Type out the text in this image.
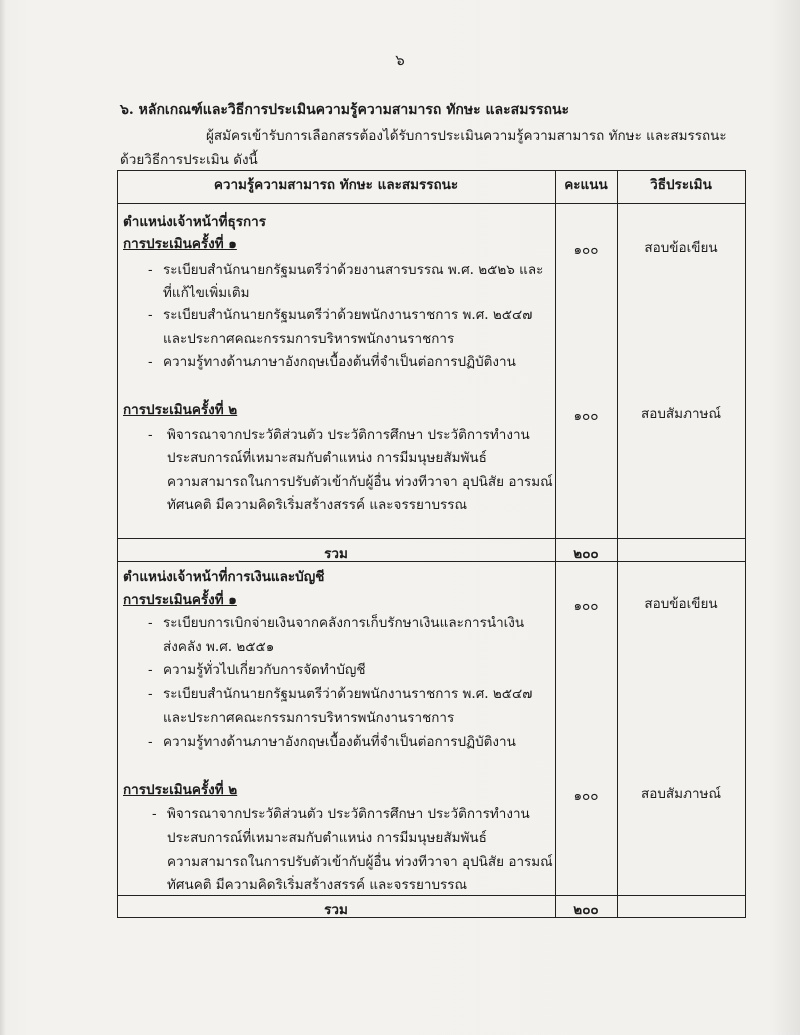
๖
๖. หลักเกณฑ์และวิธีการประเมินความรู้ความสามารถ ทักษะ และสมรรถนะ
ผู้สมัครเข้ารับการเลือกสรรต้องได้รับการประเมินความรู้ความสามารถ ทักษะ และสมรรถนะ
ด้วยวิธีการประเมิน ดังนี้
ความรู้ความสามารถ ทักษะ และสมรรถนะ	คะแนน	วิธีประเมิน
ตำแหน่งเจ้าหน้าที่ธุรการ
การประเมินครั้งที่ ๑	๑๐๐	สอบข้อเขียน
- ระเบียบสำนักนายกรัฐมนตรีว่าด้วยงานสารบรรณ พ.ศ. ๒๕๒๖ และ
ที่แก้ไขเพิ่มเติม
- ระเบียบสำนักนายกรัฐมนตรีว่าด้วยพนักงานราชการ พ.ศ. ๒๕๔๗
และประกาศคณะกรรมการบริหารพนักงานราชการ
- ความรู้ทางด้านภาษาอังกฤษเบื้องต้นที่จำเป็นต่อการปฏิบัติงาน
การประเมินครั้งที่ ๒	๑๐๐	สอบสัมภาษณ์
- พิจารณาจากประวัติส่วนตัว ประวัติการศึกษา ประวัติการทำงาน
ประสบการณ์ที่เหมาะสมกับตำแหน่ง การมีมนุษยสัมพันธ์
ความสามารถในการปรับตัวเข้ากับผู้อื่น ท่วงทีวาจา อุปนิสัย อารมณ์
ทัศนคติ มีความคิดริเริ่มสร้างสรรค์ และจรรยาบรรณ
รวม	๒๐๐
ตำแหน่งเจ้าหน้าที่การเงินและบัญชี
การประเมินครั้งที่ ๑	๑๐๐	สอบข้อเขียน
- ระเบียบการเบิกจ่ายเงินจากคลังการเก็บรักษาเงินและการนำเงิน
ส่งคลัง พ.ศ. ๒๕๕๑
- ความรู้ทั่วไปเกี่ยวกับการจัดทำบัญชี
- ระเบียบสำนักนายกรัฐมนตรีว่าด้วยพนักงานราชการ พ.ศ. ๒๕๔๗
และประกาศคณะกรรมการบริหารพนักงานราชการ
- ความรู้ทางด้านภาษาอังกฤษเบื้องต้นที่จำเป็นต่อการปฏิบัติงาน
การประเมินครั้งที่ ๒	๑๐๐	สอบสัมภาษณ์
- พิจารณาจากประวัติส่วนตัว ประวัติการศึกษา ประวัติการทำงาน
ประสบการณ์ที่เหมาะสมกับตำแหน่ง การมีมนุษยสัมพันธ์
ความสามารถในการปรับตัวเข้ากับผู้อื่น ท่วงทีวาจา อุปนิสัย อารมณ์
ทัศนคติ มีความคิดริเริ่มสร้างสรรค์ และจรรยาบรรณ
รวม	๒๐๐
